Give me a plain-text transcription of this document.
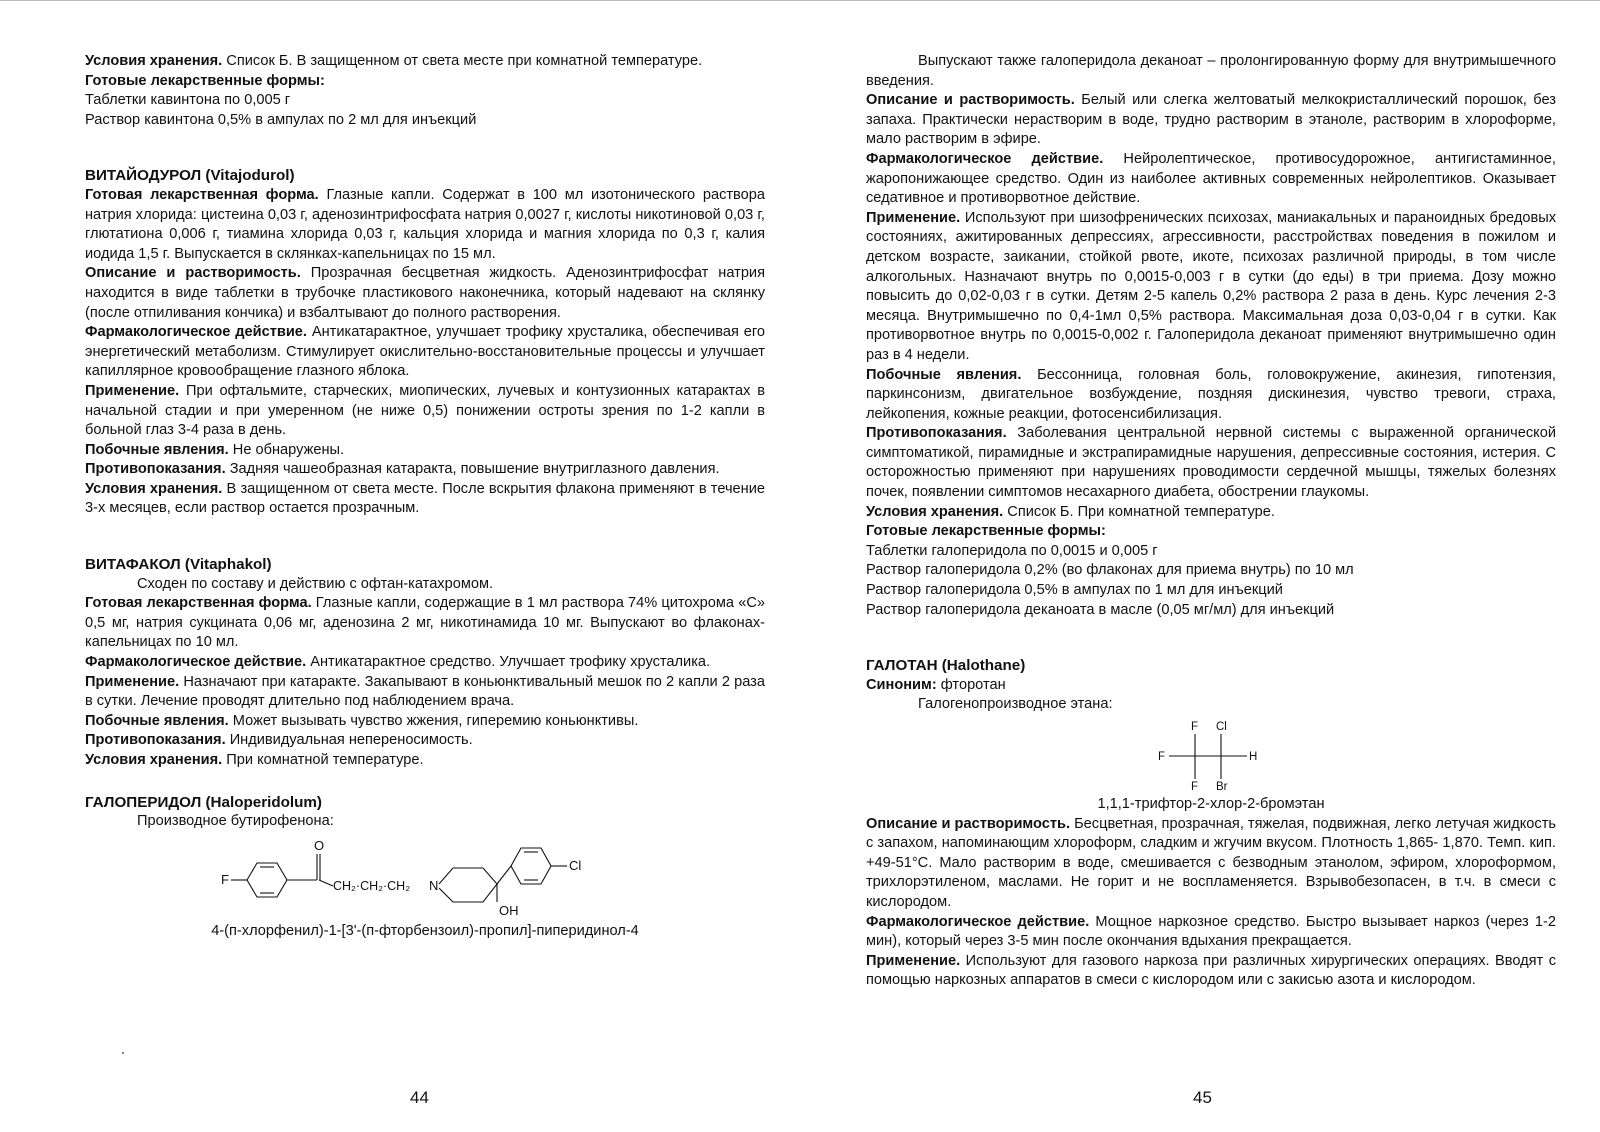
Условия хранения. Список Б. В защищенном от света месте при комнатной температуре.

Готовые лекарственные формы:

Таблетки кавинтона по 0,005 г

Раствор кавинтона 0,5% в ампулах по 2 мл для инъекций

ВИТАЙОДУРОЛ (Vitajodurol)

Готовая лекарственная форма. Глазные капли. Содержат в 100 мл изотонического раствора натрия хлорида: цистеина 0,03 г, аденозинтрифосфата натрия 0,0027 г, кислоты никотиновой 0,03 г, глютатиона 0,006 г, тиамина хлорида 0,03 г, кальция хлорида и магния хлорида по 0,3 г, калия иодида 1,5 г. Выпускается в склянках-капельницах по 15 мл.

Описание и растворимость. Прозрачная бесцветная жидкость. Аденозинтрифосфат натрия находится в виде таблетки в трубочке пластикового наконечника, который надевают на склянку (после отпиливания кончика) и взбалтывают до полного растворения.

Фармакологическое действие. Антикатарактное, улучшает трофику хрусталика, обеспечивая его энергетический метаболизм. Стимулирует окислительно-восстановительные процессы и улучшает капиллярное кровообращение глазного яблока.

Применение. При офтальмите, старческих, миопических, лучевых и контузионных катарактах в начальной стадии и при умеренном (не ниже 0,5) понижении остроты зрения по 1-2 капли в больной глаз 3-4 раза в день.

Побочные явления. Не обнаружены.

Противопоказания. Задняя чашеобразная катаракта, повышение внутриглазного давления.

Условия хранения. В защищенном от света месте. После вскрытия флакона применяют в течение 3-х месяцев, если раствор остается прозрачным.

ВИТАФАКОЛ (Vitaphakol)

Сходен по составу и действию с офтан-катахромом.

Готовая лекарственная форма. Глазные капли, содержащие в 1 мл раствора 74% цитохрома «С» 0,5 мг, натрия сукцината 0,06 мг, аденозина 2 мг, никотинамида 10 мг. Выпускают во флаконах-капельницах по 10 мл.

Фармакологическое действие. Антикатарактное средство. Улучшает трофику хрусталика.

Применение. Назначают при катаракте. Закапывают в коньюнктивальный мешок по 2 капли 2 раза в сутки. Лечение проводят длительно под наблюдением врача.

Побочные явления. Может вызывать чувство жжения, гиперемию коньюнктивы.

Противопоказания. Индивидуальная непереносимость.

Условия хранения. При комнатной температуре.

ГАЛОПЕРИДОЛ (Haloperidolum)

Производное бутирофенона:

F
O
CH₂·CH₂·CH₂ N
Cl
OH

4-(п-хлорфенил)-1-[3'-(п-фторбензоил)-пропил]-пиперидинол-4

44

Выпускают также галоперидола деканоат – пролонгированную форму для внутримышечного введения.

Описание и растворимость. Белый или слегка желтоватый мелкокристаллический порошок, без запаха. Практически нерастворим в воде, трудно растворим в этаноле, растворим в хлороформе, мало растворим в эфире.

Фармакологическое действие. Нейролептическое, противосудорожное, антигистаминное, жаропонижающее средство. Один из наиболее активных современных нейролептиков. Оказывает седативное и противорвотное действие.

Применение. Используют при шизофренических психозах, маниакальных и параноидных бредовых состояниях, ажитированных депрессиях, агрессивности, расстройствах поведения в пожилом и детском возрасте, заикании, стойкой рвоте, икоте, психозах различной природы, в том числе алкогольных. Назначают внутрь по 0,0015-0,003 г в сутки (до еды) в три приема. Дозу можно повысить до 0,02-0,03 г в сутки. Детям 2-5 капель 0,2% раствора 2 раза в день. Курс лечения 2-3 месяца. Внутримышечно по 0,4-1мл 0,5% раствора. Максимальная доза 0,03-0,04 г в сутки. Как противорвотное внутрь по 0,0015-0,002 г. Галоперидола деканоат применяют внутримышечно один раз в 4 недели.

Побочные явления. Бессонница, головная боль, головокружение, акинезия, гипотензия, паркинсонизм, двигательное возбуждение, поздняя дискинезия, чувство тревоги, страха, лейкопения, кожные реакции, фотосенсибилизация.

Противопоказания. Заболевания центральной нервной системы с выраженной органической симптоматикой, пирамидные и экстрапирамидные нарушения, депрессивные состояния, истерия. С осторожностью применяют при нарушениях проводимости сердечной мышцы, тяжелых болезнях почек, появлении симптомов несахарного диабета, обострении глаукомы.

Условия хранения. Список Б. При комнатной температуре.

Готовые лекарственные формы:

Таблетки галоперидола по 0,0015 и 0,005 г

Раствор галоперидола 0,2% (во флаконах для приема внутрь) по 10 мл

Раствор галоперидола 0,5% в ампулах по 1 мл для инъекций

Раствор галоперидола деканоата в масле (0,05 мг/мл) для инъекций

ГАЛОТАН (Halothane)

Синоним: фторотан

Галогенопроизводное этана:

F Cl
F	H
F Br

1,1,1-трифтор-2-хлор-2-бромэтан

Описание и растворимость. Бесцветная, прозрачная, тяжелая, подвижная, легко летучая жидкость с запахом, напоминающим хлороформ, сладким и жгучим вкусом. Плотность 1,865- 1,870. Темп. кип. +49-51°С. Мало растворим в воде, смешивается с безводным этанолом, эфиром, хлороформом, трихлорэтиленом, маслами. Не горит и не воспламеняется. Взрывобезопасен, в т.ч. в смеси с кислородом.

Фармакологическое действие. Мощное наркозное средство. Быстро вызывает наркоз (через 1-2 мин), который через 3-5 мин после окончания вдыхания прекращается.

Применение. Используют для газового наркоза при различных хирургических операциях. Вводят с помощью наркозных аппаратов в смеси с кислородом или с закисью азота и кислородом.

45
